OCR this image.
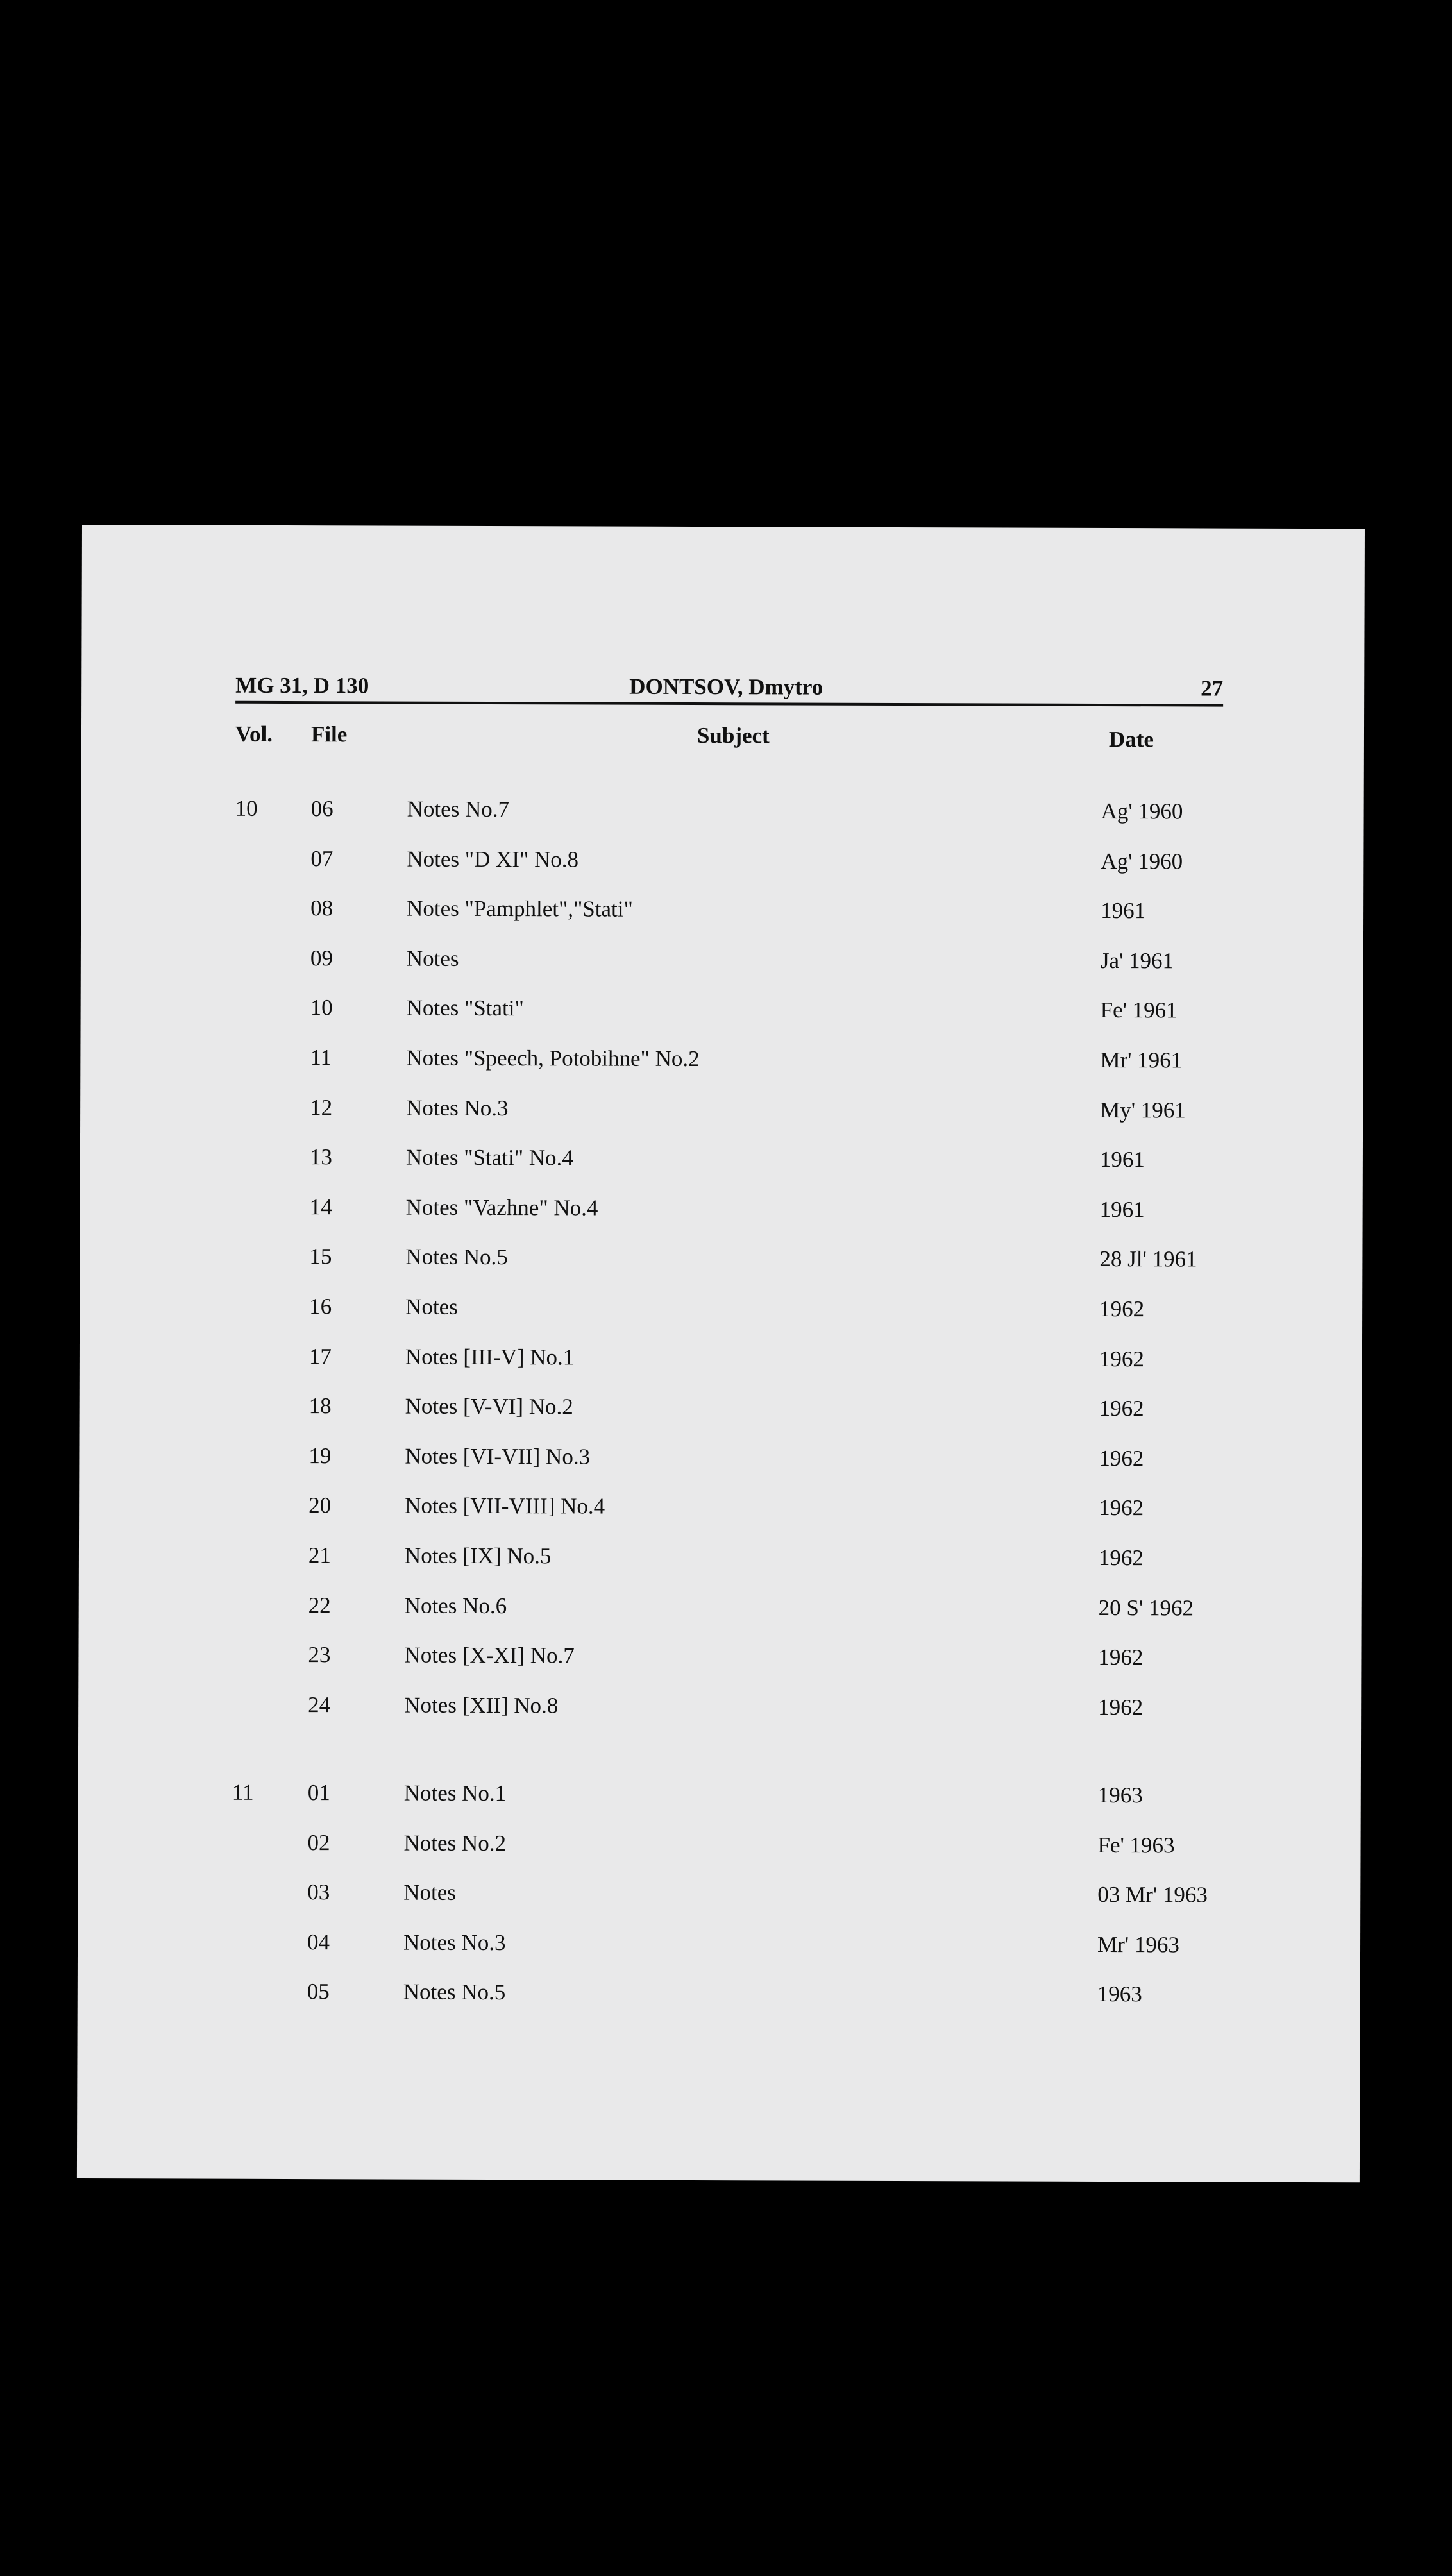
MG 31, D 130	DONTSOV, Dmytro	27
Vol. File	Subject	Date
10 06	Notes No.7	Ag' 1960
07	Notes "D XI" No.8	Ag' 1960
08	Notes "Pamphlet","Stati"	1961
09	Notes	Ja' 1961
10	Notes "Stati"	Fe' 1961
11	Notes "Speech, Potobihne" No.2	Mr' 1961
12	Notes No.3	My' 1961
13	Notes "Stati" No.4	1961
14	Notes "Vazhne" No.4	1961
15	Notes No.5	28 Jl' 1961
16	Notes	1962
17	Notes [III-V] No.1	1962
18	Notes [V-VI] No.2	1962
19	Notes [VI-VII] No.3	1962
20	Notes [VII-VIII] No.4	1962
21	Notes [IX] No.5	1962
22	Notes No.6	20 S' 1962
23	Notes [X-XI] No.7	1962
24	Notes [XII] No.8	1962
11 01	Notes No.1	1963
02	Notes No.2	Fe' 1963
03	Notes	03 Mr' 1963
04	Notes No.3	Mr' 1963
05	Notes No.5	1963
